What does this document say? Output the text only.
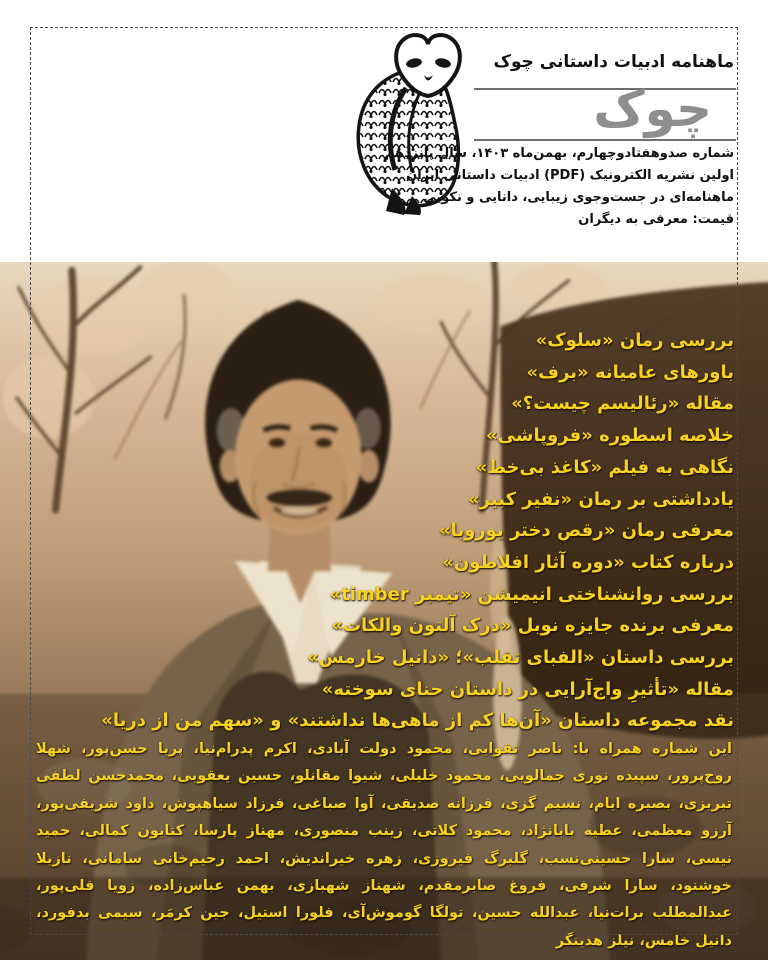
ماهنامه ادبیات داستانی چوک
چوک
شماره صدوهفتادوچهارم، بهمن‌ماه ۱۴۰۳، سال پانزدهم
اولین نشریه الکترونیک (PDF) ادبیات داستانی ایران
ماهنامه‌ای در جست‌وجوی زیبایی، دانایی و نکویی
قیمت: معرفی به دیگران
بررسی رمان «سلوک»
باورهای عامیانه «برف»
مقاله «رئالیسم چیست؟»
خلاصه اسطوره «فروپاشی»
نگاهی به فیلم «کاغذ بی‌خط»
یادداشتی بر رمان «نفیر کبیر»
معرفی رمان «رقص دختر یوروبا»
درباره کتاب «دوره آثار افلاطون»
بررسی روانشناختی انیمیشن «تیمبر timber»
معرفی برنده جایزه نوبل «درک آلتون والکات»
بررسی داستان «الفبای تقلب»؛ «دانیل خارمس»
مقاله «تأثیرِ واج‌آرایی در داستان حنای سوخته»
نقد مجموعه داستان «آن‌ها کم از ماهی‌ها نداشتند» و «سهم من از دریا»
این شماره همراه با: ناصر تقوایی، محمود دولت آبادی، اکرم پدرام‌نیا، پریا حسن‌پور، شهلا روح‌پرور، سپیده نوری جمالویی، محمود خلیلی، شیوا مقانلو، حسین یعقوبی، محمدحسن لطفی تبریزی، بصیره ایام، نسیم گزی، فرزانه صدیقی، آوا صباغی، فرزاد سیاهپوش، داود شریفی‌پور، آرزو معظمی، عطیه بابانژاد، محمود کلاتی، زینب منصوری، مهناز پارسا، کتایون کمالی، حمید نیسی، سارا حسینی‌نسب، گلبرگ فیروزی، زهره خیراندیش، احمد رحیم‌خانی سامانی، نازیلا خوشنود، سارا شرفی، فروغ صابرمقدم، شهناز شهبازی، بهمن عباس‌زاده، زویا قلی‌پور، عبدالمطلب برات‌نیا، عبدالله حسین، تولگا گوموش‌آی، فلورا استیل، جین کرمَر، سیمی بدفورد، دانیل خامس، نیلز هدینگر
